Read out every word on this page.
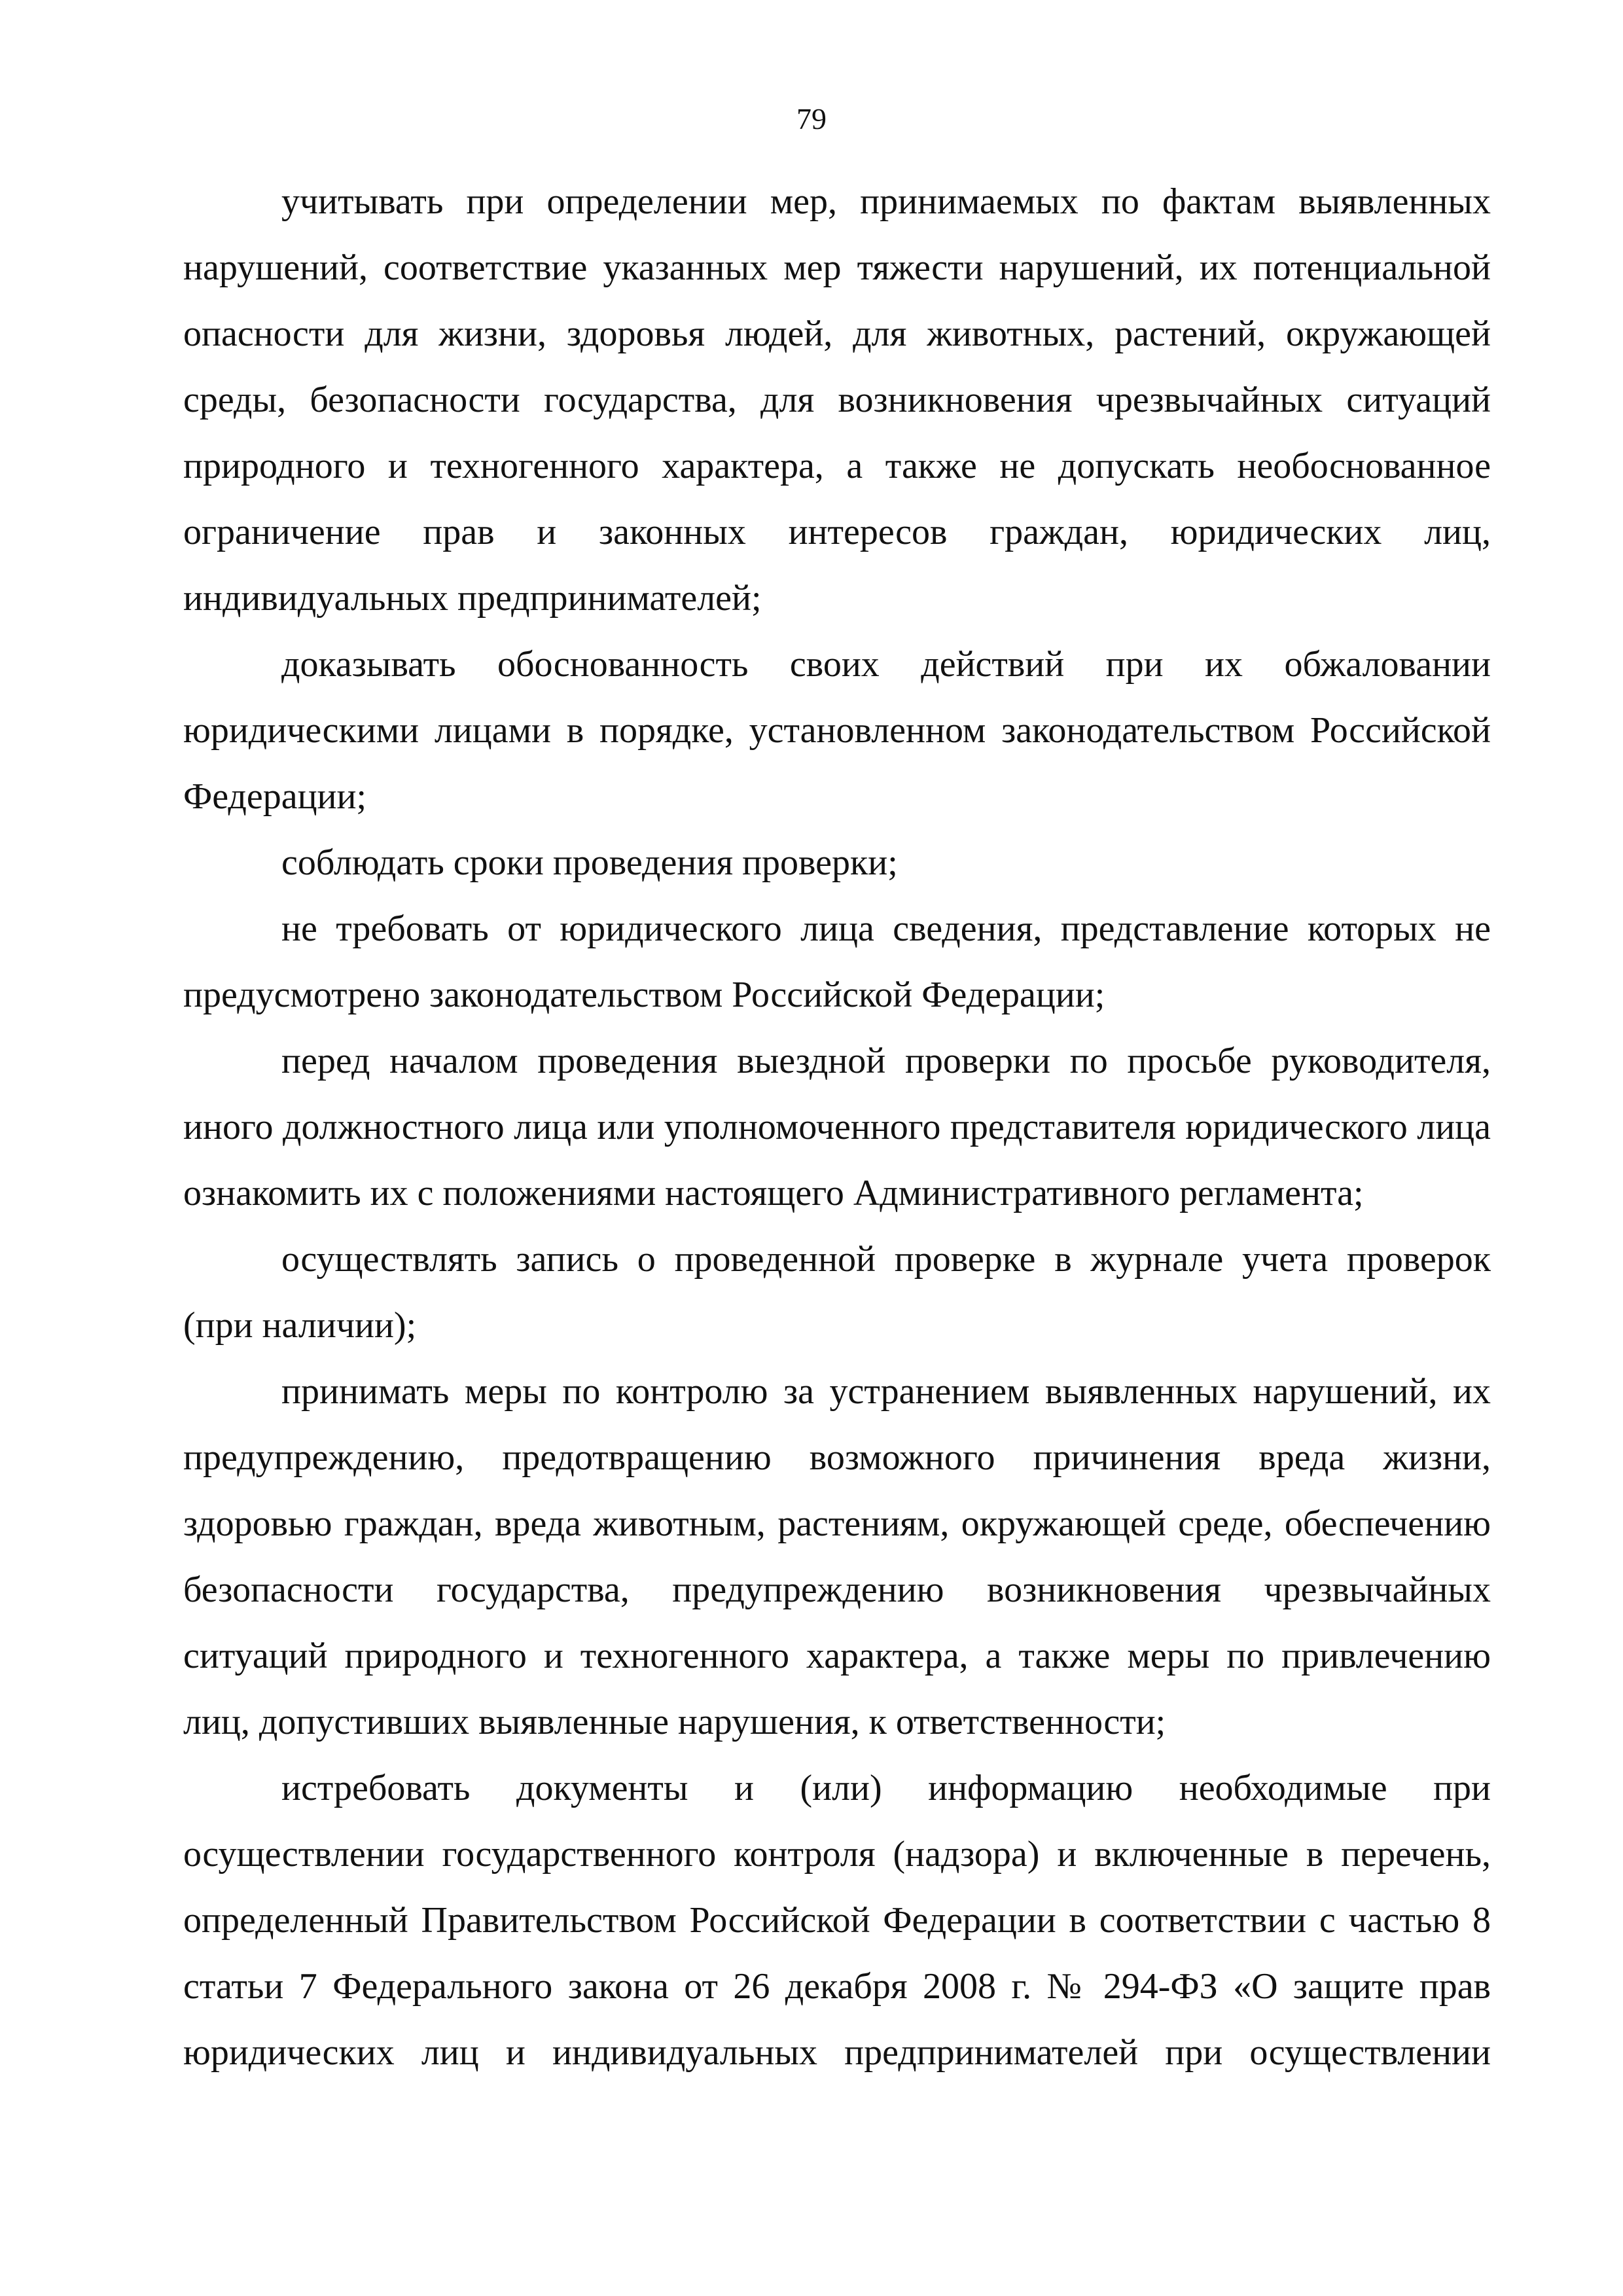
79

учитывать при определении мер, принимаемых по фактам выявленных нарушений, соответствие указанных мер тяжести нарушений, их потенциальной опасности для жизни, здоровья людей, для животных, растений, окружающей среды, безопасности государства, для возникновения чрезвычайных ситуаций природного и техногенного характера, а также не допускать необоснованное ограничение прав и законных интересов граждан, юридических лиц, индивидуальных предпринимателей;

доказывать обоснованность своих действий при их обжаловании юридическими лицами в порядке, установленном законодательством Российской Федерации;

соблюдать сроки проведения проверки;

не требовать от юридического лица сведения, представление которых не предусмотрено законодательством Российской Федерации;

перед началом проведения выездной проверки по просьбе руководителя, иного должностного лица или уполномоченного представителя юридического лица ознакомить их с положениями настоящего Административного регламента;

осуществлять запись о проведенной проверке в журнале учета проверок (при наличии);

принимать меры по контролю за устранением выявленных нарушений, их предупреждению, предотвращению возможного причинения вреда жизни, здоровью граждан, вреда животным, растениям, окружающей среде, обеспечению безопасности государства, предупреждению возникновения чрезвычайных ситуаций природного и техногенного характера, а также меры по привлечению лиц, допустивших выявленные нарушения, к ответственности;

истребовать документы и (или) информацию необходимые при осуществлении государственного контроля (надзора) и включенные в перечень, определенный Правительством Российской Федерации в соответствии с частью 8 статьи 7 Федерального закона от 26 декабря 2008 г. № 294-ФЗ «О защите прав юридических лиц и индивидуальных предпринимателей при осуществлении
